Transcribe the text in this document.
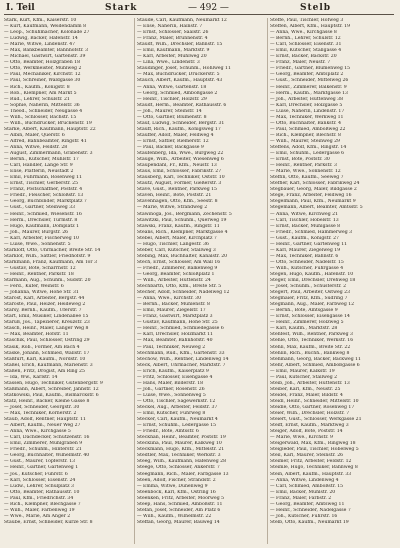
I. Teil	Stark	— 492 —	Stelb
Stark, Kurt, Kfm., Kaiserstr. 10
— Kurt, Kaufmann, Weidendamm 8
— Leop., Schuhmacher, Kolonade 27
— Ludwig, Bäcker, Hafenstr. 14
— Marie, Witwe, Lindenstr. 47
— Max, Bankbeamter, Bahnhofstr. 3
— Michael, Gastwirt, Gartenstr. 39
— Otto, Beamter, Holzgraben 18
— Otto, Werkmeister, Mühlweg 2
— Paul, Mechaniker, Kirchstr. 12
— Paul, Schreiner, Waldgasse 30
— Rich., Kaufm., Königstr. 8
— Rob., Klempner, Am Markt 5
— Rud., Lehrer, Schulstr. 21
— Sophie, Näherin, Mittelstr. 36
— Theod., Schneider, Neugasse 4
— Wilh., Schlosser, Bachstr. 15
— Wilh., Buchdrucker, Brückenstr. 19
Starke, Albert, Kaufmann, Hauptstr. 22
— Albin, Maler, Querstr. 6
— Alfred, Bahnbeamter, Ringstr. 41
— Anna, Witwe, Feldstr. 28
— August, Zimmermann, Grabenstr. 3
— Bernh., Kutscher, Mühlstr. 17
— Carl, Händler, Lange Str. 9
— Elise, Plätterin, Neustadt 2
— Emil, Fuhrmann, Rosenweg 11
— Ernst, Tischler, Gerberstr. 25
— Franz, Postschaffner, Poststr. 4
— Friedr., Fleischer, Schloßstr. 13
— Georg, Buchbinder, Marktplatz 7
— Gust., Gärtner, Steinweg 33
— Heinr., Schmied, Wiesenstr. 16
— Herm., Drechsler, Turmstr. 8
— Hugo, Kaufmann, Domplatz 1
— Joh., Maurer, Burgstr. 26
— Karl, Arbeiter, Fischerweg 10
— Luise, Wwe., Sonnenstr. 5
Starkloff, Otto, Uhrmacher, Breite Str. 14
Starklof, Wilh., Sattler, Friedhofstr. 9
Starkmann, Franz, Kaufmann, Am Tor 3
— Gustav, Bote, Scharrnstr. 12
— Heinr., Rentner, Parkstr. 18
Starmann, Aug., Schuhm., Südstr. 20
— Ferd., Küfer, Weinstr. 6
— Johanna, Witwe, Hohe Str. 31
Starost, Karl, Arbeiter, Bergstr. 44
Staroste, Paul, Heizer, Heideweg 2
Starsy, Bernh., Kaufm., Uferstr. 7
Start, Emil, Musiker, Lindenallee 15
Staruß, Jos., Tapezierer, Kreuzstr. 23
Stasch, Heinr., Maler, Langer Weg 8
— Max, Beamter, Hofstr. 11
Staschik, Paul, Schlosser, Ostring 29
Stasik, Rob., Former, Am Bach 4
Staske, Johann, Schmied, Wallstr. 17
Staßfurt, Karl, Kaufm., Nordstr. 10
Staßel, Erich, Kaufmann, Marienstr. 3
Staßen, Fritz, Drogist, Am Ring 25
— Ida, Ww., Karlstr. 14
Stassen, Hugo, Techniker, Gutenbergstr. 9
Staßmann, Albert, Schreiber, Jahnstr. 12
Statkowski, Paul, Kaufm., Bismarckstr. 6
Statz, Heinr., Bäcker, Kleine Gasse 8
— Josef, Schneider, Georgstr. 30
— Max, Techniker, Körnerstr. 2
Staub, Adolf, Rentner, Hauptstr. 11
— Albert, Kaufm., Neuer Weg 27
— Anna, Wwe., Kirchgasse 5
— Carl, Dachdecker, Schützenstr. 16
— Emil, Zimmerer, Mühlgraben 9
— Friedr., Schuhm., Hinterstr. 21
— Georg, Buchhalter, Wilhelmstr. 40
— Gust., Maurer, Töpferstr. 13
— Heinr., Gärtner, Gartenweg 1
— Jos., Kutscher, Fuhrstr. 6
— Karl, Schlosser, Eisenstr. 24
— Ludw., Lehrer, Schulplatz 3
— Otto, Beamter, Rathausstr. 10
— Paul, Kfm., Friedrichstr. 34
— Rich., Klempner, Blechgasse 7
— Wilh., Maler, Farbenweg 19
— Wwe., Marie, Am Anger 2
Staube, Ernst, Schneider, Kurze Str. 8
Staude, Carl, Kaufmann, Neumarkt 12
— Elise, Näherin, Hainstr. 7
— Ernst, Schlosser, Saalstr. 26
— Franz, Maler, Brunnenstr. 4
Staudt, Wilh., Drechsler, Bahnstr. 15
— Emil, Kaufmann, Marktstr. 9
— Karl, Arbeiter, Mühlweg 20
— Lina, Wwe., Lindenstr. 3
Staudinger, Josef, Schuhm., Hohlweg 11
— Max, Buchdrucker, Druckerstr. 5
Stauch, Albert, Kaufm., Hauptstr. 43
— Anna, Witwe, Gartenstr. 18
— Georg, Schmied, Amboßgasse 2
— Heinr., Tischler, Holzstr. 29
Staudt, Herm., Beamter, Rathausstr. 6
— Joh., Maurer, Steinstr. 14
— Otto, Gärtner, Blumenstr. 8
Stauf, Ludwig, Schneider, Bergstr. 31
Stauff, Rich., Kaufm., Königsweg 17
Stauffer, Adolf, Maler, Feldweg 4
— Ernst, Sattler, Riemerstr. 12
— Paul, Bäcker, Backgasse 9
Staufenberg, Ida, Wwe., Burgweg 22
Stauge, Wilh., Arbeiter, Wiesenweg 6
Staupendahl, Fr., Kfm., Neustr. 13
Staus, Emil, Schlosser, Fabrikstr. 27
Stausberg, Karl, Techniker, Oststr. 10
Stautz, August, Former, Gießerstr. 3
Stave, Gust., Rentner, Parkweg 15
Staven, Heinr., Bote, Poststr. 21
Stavenhagen, Otto, Kfm., Seestr. 8
— Marie, Witwe, Strandweg 2
Stawinoga, Jos., Bergmann, Zechenstr. 5
Stawitzki, Paul, Schuhm., Querweg 19
Stawski, Franz, Kaufm., Ringstr. 11
Steans, Rich., Klempner, Marktgasse 4
Stebel, Albert, Maler, Kirchplatz 7
— Hugo, Tischler, Langestr. 36
Steber, Carl, Kutscher, Stallweg 3
Stebing, Max, Buchhalter, Kanalstr. 20
Stech, Ernst, Schlosser, Am Wall 16
— Friedr., Zimmerer, Balkenweg 9
— Georg, Beamter, Schloßplatz 1
— Wilh., Arbeiter, Hüttenstr. 24
Stechbarth, Otto, Kfm., Breite Str. 5
Stecher, Adolf, Schneider, Nadelweg 12
— Anna, Wwe., Kirchstr. 30
— Bernh., Bäcker, Mühlenstr. 8
— Emil, Maurer, Ziegelstr. 17
— Franz, Gastwirt, Marktplatz 3
— Gustav, Kaufmann, Hohe Str. 25
— Heinr., Schmied, Schmiedegasse 6
— Karl, Drechsler, Holzmarkt 11
— Max, Beamter, Bahnhofstr. 40
— Paul, Techniker, Neuweg 2
Stechmann, Rud., Kfm., Gartenstr. 33
Stechow, Wilh., Rentner, Lindenweg 14
Steck, Albert, Uhrmacher, Marktstr. 7
— Erich, Kaufm., Kaiserplatz 9
— Fritz, Schlosser, Eisengasse 4
— Hans, Maler, Bilderstr. 18
— Joh., Gärtner, Rosenstr. 26
— Luise, Wwe., Sonnenweg 5
— Otto, Tischler, Sägewerkstr. 12
Steckel, Aug., Arbeiter, Feldstr. 37
— Emil, Kutscher, Fuhrweg 8
Stecker, Carl, Kaufm., Neumarkt 4
— Ernst, Schuhm., Ledergasse 15
— Friedr., Bote, Amtsstr. 6
Steckhan, Heinr., Beamter, Poststr. 19
Stecklina, Paul, Maurer, Kalkweg 10
Steckmann, Hugo, Kfm., Mittelstr. 21
Stedtler, Max, Techniker, Werkstr. 3
Steeg, Wilh., Kaufmann, Hafenweg 28
Steege, Otto, Schlosser, Ankerstr. 7
Steegmann, Rich., Maler, Farbgasse 13
Steen, Adolf, Fischer, Strandstr. 2
— Emma, Witwe, Dünenweg 9
Steenbock, Karl, Kfm., Ostring 16
Steenken, Fritz, Arbeiter, Moorweg 5
Steep, Hans, Schmied, Amboßstr. 11
Stefan, Josef, Schneider, Am Platz 6
— Wilh., Kaufm., Wilhelmstr. 22
Steffan, Georg, Maurer, Bauweg 14
Steffe, Paul, Tischler, Hofweg 3
Steffen, Albert, Kfm., Hauptstr. 19
— Anna, Wwe., Kirchgasse 8
— Bernh., Lehrer, Schulstr. 12
— Carl, Schlosser, Eisenstr. 31
— Emil, Kutscher, Stallgasse 4
— Ernst, Bäcker, Backstr. 20
— Franz, Maler, Neustr. 7
— Friedr., Gärtner, Blumenweg 15
— Georg, Beamter, Amtsplatz 2
— Gust., Schneider, Mittelweg 26
— Heinr., Zimmerer, Balkenstr. 9
— Herm., Kaufm., Marktgasse 13
— Joh., Arbeiter, Hüttenweg 38
— Karl, Drechsler, Holzgasse 5
— Luise, Näherin, Lindenstr. 17
— Max, Techniker, Werkweg 11
— Otto, Buchhalter, Bankstr. 4
— Paul, Schmied, Amboßweg 22
— Rich., Klempner, Blechstr. 8
— Wilh., Maurer, Steinweg 29
Steffens, Adolf, Kfm., Ringstr. 14
— Emil, Schuhm., Ledergasse 6
— Ernst, Bote, Poststr. 30
— Heinr., Rentner, Parkstr. 3
— Marie, Wwe., Sonnenstr. 12
Steffin, Otto, Kaufm., Seeweg 7
Steffler, Karl, Schlosser, Fabrikweg 24
Stegbauer, Georg, Maler, Bildgasse 2
Stege, Franz, Arbeiter, Feldweg 16
Stegelmann, Paul, Kfm., Neumarkt 9
Stegemann, Albert, Beamter, Amtsstr. 5
— Anna, Witwe, Kirchweg 21
— Carl, Tischler, Hobelstr. 13
— Ernst, Bäcker, Mühlgasse 8
— Friedr., Schmied, Hammerweg 3
— Gust., Kaufm., Königstr. 27
— Heinr., Gärtner, Gartenweg 11
— Karl, Maurer, Ziegelweg 19
— Max, Techniker, Bahnstr. 6
— Otto, Schneider, Nadelstr. 15
— Wilh., Kutscher, Fuhrgasse 4
Stegen, Hugo, Kaufm., Hafenstr. 10
Steger, Emil, Drechsler, Drehweg 18
— Josef, Schuhm., Schusterstr. 2
Stegert, Paul, Arbeiter, Ostweg 23
Stegmaier, Fritz, Kfm., Südring 7
Stegmann, Aug., Maler, Farbweg 12
— Bernh., Bote, Amtsgasse 9
— Ernst, Schlosser, Eisengasse 14
— Heinr., Zimmerer, Holzweg 5
— Karl, Kaufm., Marktstr. 28
Stehfest, Wilh., Rentner, Parkweg 3
Stehle, Otto, Techniker, Werkstr. 16
Stehli, Max, Kaufm., Breite Str. 22
Stehlin, Rich., Buchh., Bankweg 8
Stehmann, Georg, Bäcker, Backweg 11
Stehr, Albert, Schmied, Amboßgasse 6
— Emil, Maurer, Kalkstr. 19
— Paul, Kutscher, Stallweg 2
Steib, Joh., Arbeiter, Hüttenstr. 13
Steiber, Karl, Kfm., Neustr. 25
Steidel, Franz, Maler, Bildstr. 4
Steidl, Heinr., Schneider, Mittelstr. 10
Steidle, Otto, Gärtner, Rosenweg 17
Steier, Wilh., Drechsler, Holzstr. 7
Steiert, Gust., Schlosser, Werkgasse 21
Steiff, Ernst, Kaufm., Marktweg 3
Steiger, Adolf, Bote, Poststr. 14
— Marie, Wwe., Kirchstr. 9
Steigerwald, Max, Kfm., Ringweg 18
Steigleder, Paul, Tischler, Hobelweg 5
Steil, Karl, Maurer, Steinstr. 26
Steimer, Fritz, Arbeiter, Feldstr. 12
Steimle, Hugo, Techniker, Bahnweg 8
Stein, Albert, Kaufm., Hauptstr. 33
— Anna, Witwe, Lindenweg 4
— Carl, Schmied, Amboßstr. 15
— Emil, Bäcker, Mühlstr. 20
— Franz, Maler, Farbstr. 2
— Georg, Beamter, Amtsweg 11
— Heinr., Schneider, Nadelgasse 7
— Joh., Kutscher, Fuhrstr. 16
Stelb, Otto, Kaufm., Neumarkt 19
